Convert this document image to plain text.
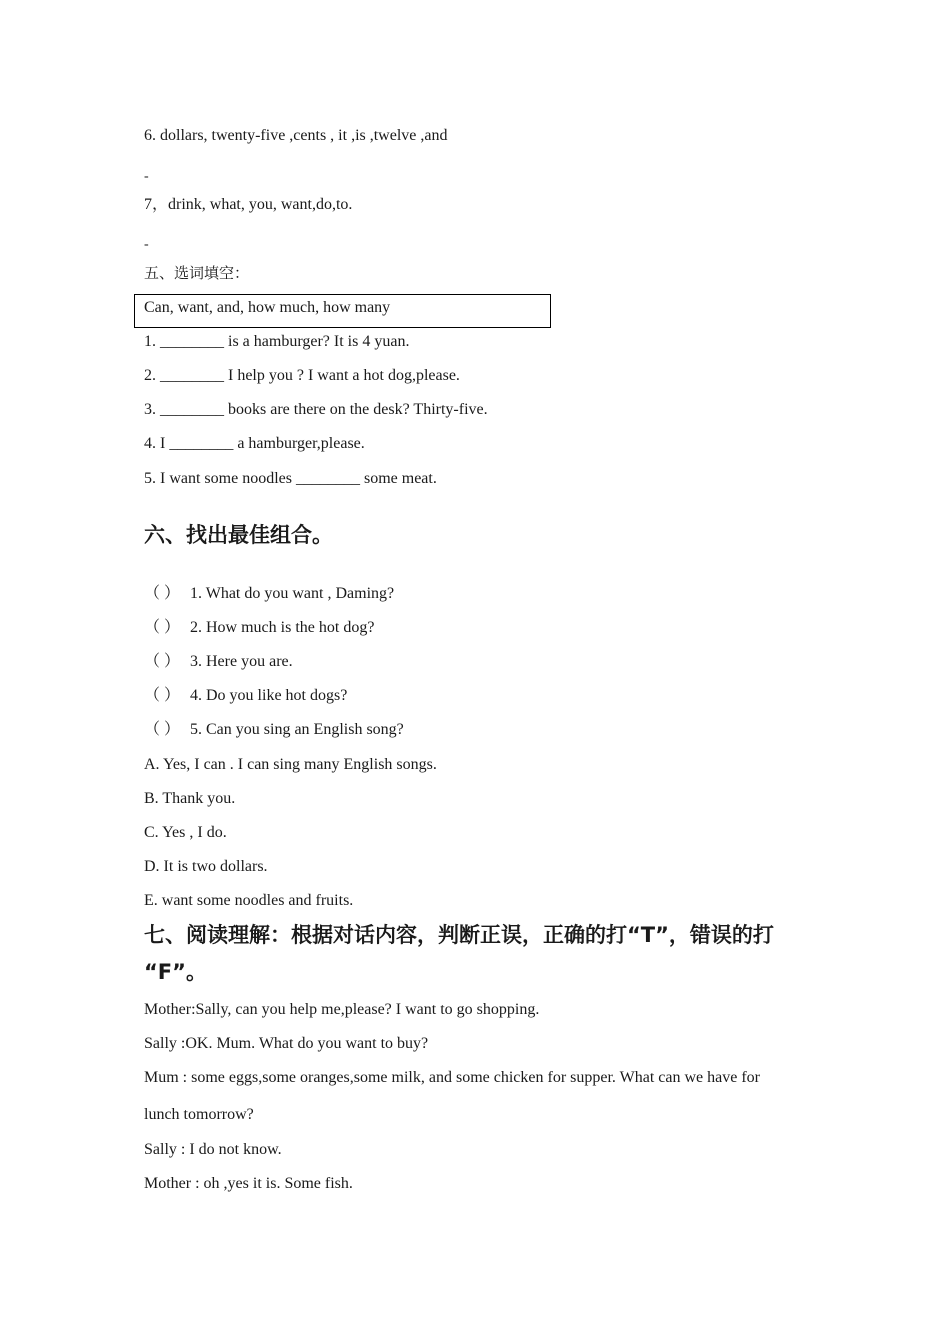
6. dollars, twenty-five ,cents , it ,is ,twelve ,and
-
7，drink, what, you, want,do,to.
-
五、选词填空：
Can, want, and, how much, how many
1. ________ is a hamburger? It is 4 yuan.
2. ________ I help you ? I want a hot dog,please.
3. ________ books are there on the desk? Thirty-five.
4. I ________ a hamburger,please.
5. I want some noodles ________ some meat.
六、找出最佳组合。
（ ） 1. What do you want , Daming?
（ ） 2. How much is the hot dog?
（ ） 3. Here you are.
（ ） 4. Do you like hot dogs?
（ ） 5. Can you sing an English song?
A. Yes, I can . I can sing many English songs.
B. Thank you.
C. Yes , I do.
D. It is two dollars.
E. want some noodles and fruits.
七、阅读理解：根据对话内容，判断正误，正确的打“T”，错误的打
“F”。
Mother:Sally, can you help me,please? I want to go shopping.
Sally :OK. Mum. What do you want to buy?
Mum : some eggs,some oranges,some milk, and some chicken for supper. What can we have for
lunch tomorrow?
Sally : I do not know.
Mother : oh ,yes it is. Some fish.
